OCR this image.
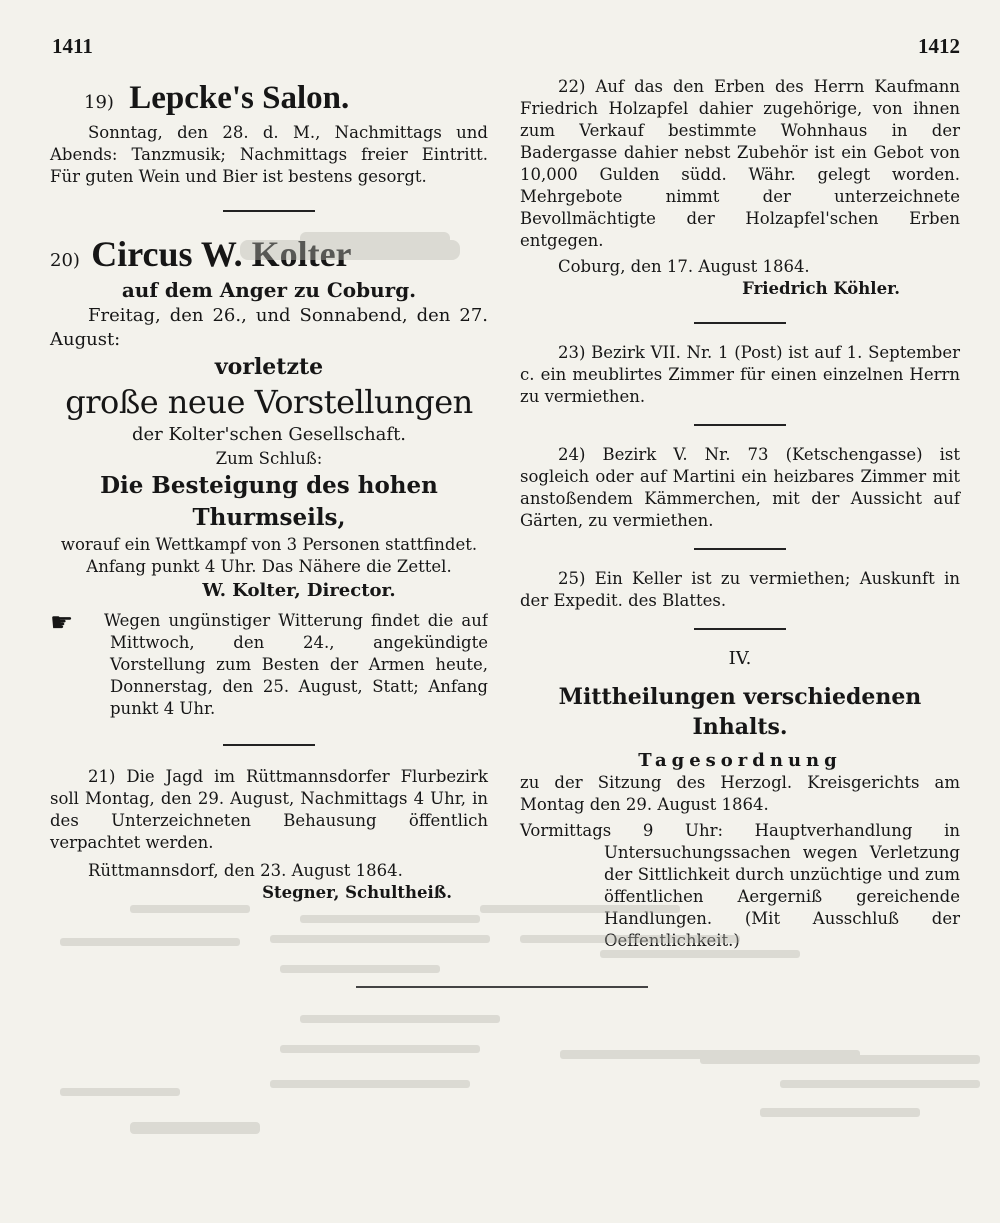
1411	1412

19) Lepcke's Salon.

Sonntag, den 28. d. M., Nachmittags und Abends: Tanzmusik; Nachmittags freier Eintritt. Für guten Wein und Bier ist bestens gesorgt.

20) Circus W. Kolter

auf dem Anger zu Coburg.

Freitag, den 26., und Sonnabend, den 27. August:

vorletzte

große neue Vorstellungen

der Kolter'schen Gesellschaft.

Zum Schluß:

Die Besteigung des hohen Thurmseils,

worauf ein Wettkampf von 3 Personen stattfindet.

Anfang punkt 4 Uhr. Das Nähere die Zettel.

W. Kolter, Director.

☛	Wegen ungünstiger Witterung findet die auf Mittwoch, den 24., angekündigte Vorstellung zum Besten der Armen heute, Donnerstag, den 25. August, Statt; Anfang punkt 4 Uhr.

21) Die Jagd im Rüttmannsdorfer Flurbezirk soll Montag, den 29. August, Nachmittags 4 Uhr, in des Unterzeichneten Behausung öffentlich verpachtet werden.

Rüttmannsdorf, den 23. August 1864.

Stegner, Schultheiß.

22) Auf das den Erben des Herrn Kaufmann Friedrich Holzapfel dahier zugehörige, von ihnen zum Verkauf bestimmte Wohnhaus in der Badergasse dahier nebst Zubehör ist ein Gebot von 10,000 Gulden südd. Währ. gelegt worden. Mehrgebote nimmt der unterzeichnete Bevollmächtigte der Holzapfel'schen Erben entgegen.

Coburg, den 17. August 1864.

Friedrich Köhler.

23) Bezirk VII. Nr. 1 (Post) ist auf 1. September c. ein meublirtes Zimmer für einen einzelnen Herrn zu vermiethen.

24) Bezirk V. Nr. 73 (Ketschengasse) ist sogleich oder auf Martini ein heizbares Zimmer mit anstoßendem Kämmerchen, mit der Aussicht auf Gärten, zu vermiethen.

25) Ein Keller ist zu vermiethen; Auskunft in der Expedit. des Blattes.

IV.

Mittheilungen verschiedenen Inhalts.

Tagesordnung

zu der Sitzung des Herzogl. Kreisgerichts am Montag den 29. August 1864.

Vormittags 9 Uhr: Hauptverhandlung in Untersuchungssachen wegen Verletzung der Sittlichkeit durch unzüchtige und zum öffentlichen Aergerniß gereichende Handlungen. (Mit Ausschluß der Oeffentlichkeit.)
